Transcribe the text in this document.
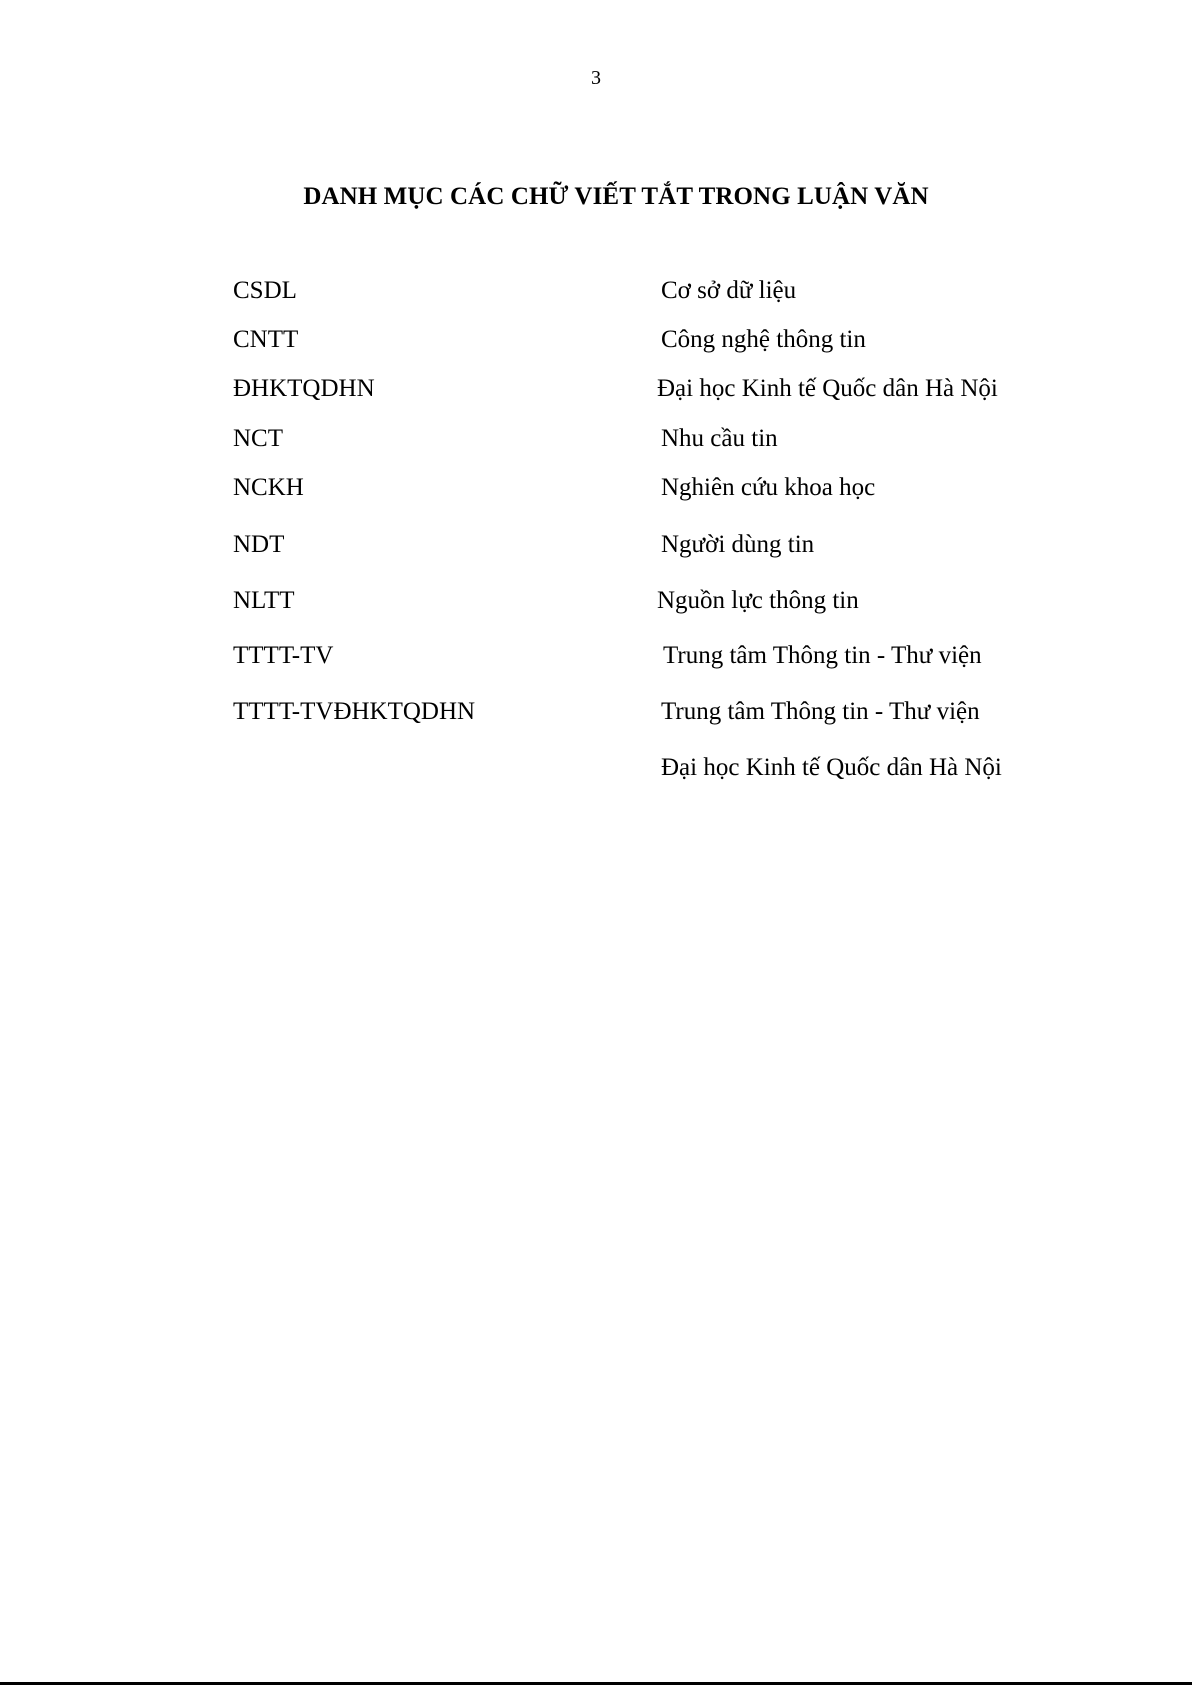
3
DANH MỤC CÁC CHỮ VIẾT TẮT TRONG LUẬN VĂN
CSDL	Cơ sở dữ liệu
CNTT	Công nghệ thông tin
ĐHKTQDHN	Đại học Kinh tế Quốc dân Hà Nội
NCT	Nhu cầu tin
NCKH	Nghiên cứu khoa học
NDT	Người dùng tin
NLTT	Nguồn lực thông tin
TTTT-TV	Trung tâm Thông tin - Thư viện
TTTT-TVĐHKTQDHN	Trung tâm Thông tin - Thư viện
Đại học Kinh tế Quốc dân Hà Nội
